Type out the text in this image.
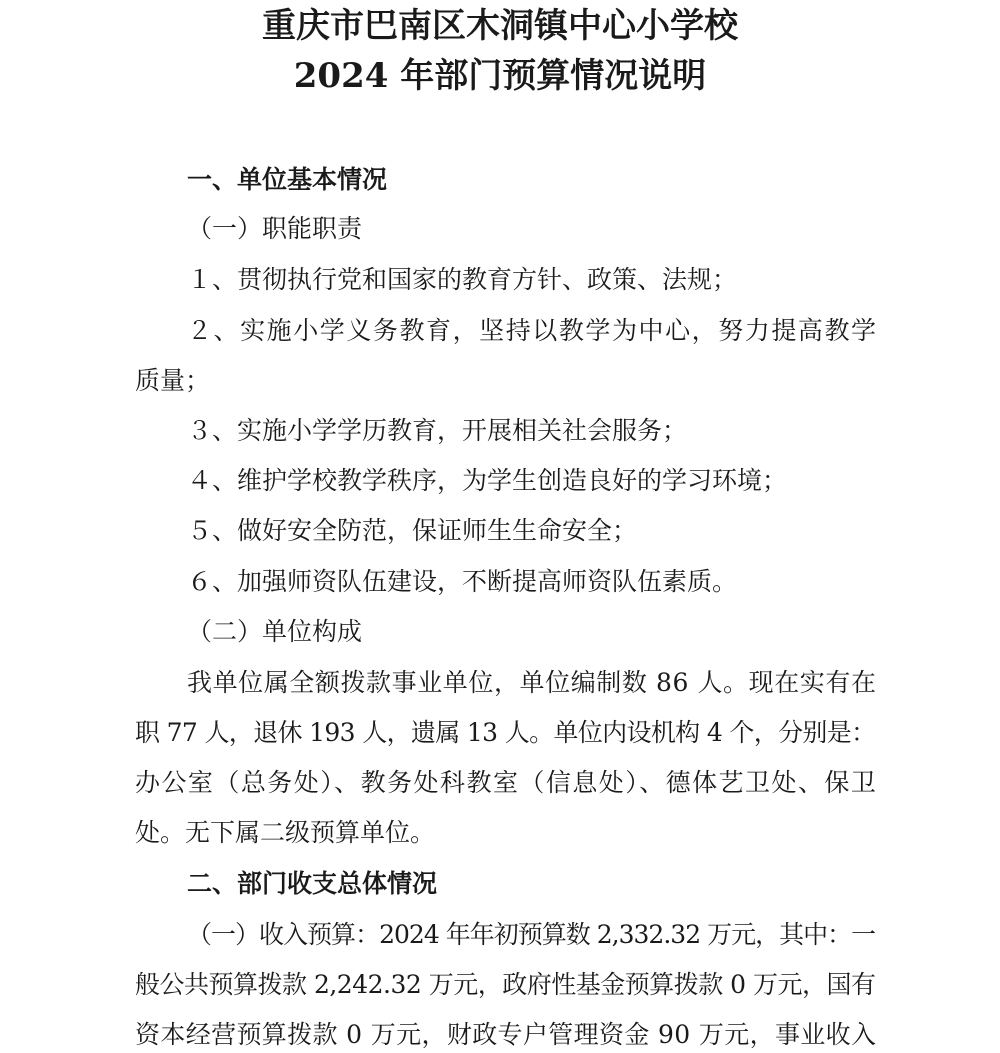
重庆市巴南区木洞镇中心小学校
2024 年部门预算情况说明
一、单位基本情况
（一）职能职责
１、贯彻执行党和国家的教育方针、政策、法规；
２、实施小学义务教育，坚持以教学为中心，努力提高教学
质量；
３、实施小学学历教育，开展相关社会服务；
４、维护学校教学秩序，为学生创造良好的学习环境；
５、做好安全防范，保证师生生命安全；
６、加强师资队伍建设，不断提高师资队伍素质。
（二）单位构成
我单位属全额拨款事业单位，单位编制数 86 人。现在实有在
职 77 人，退休 193 人，遗属 13 人。单位内设机构 4 个，分别是：
办公室（总务处）、教务处科教室（信息处）、德体艺卫处、保卫
处。无下属二级预算单位。
二、部门收支总体情况
（一）收入预算：2024 年年初预算数 2,332.32 万元，其中：一
般公共预算拨款 2,242.32 万元，政府性基金预算拨款 0 万元，国有
资本经营预算拨款 0 万元，财政专户管理资金 90 万元，事业收入
